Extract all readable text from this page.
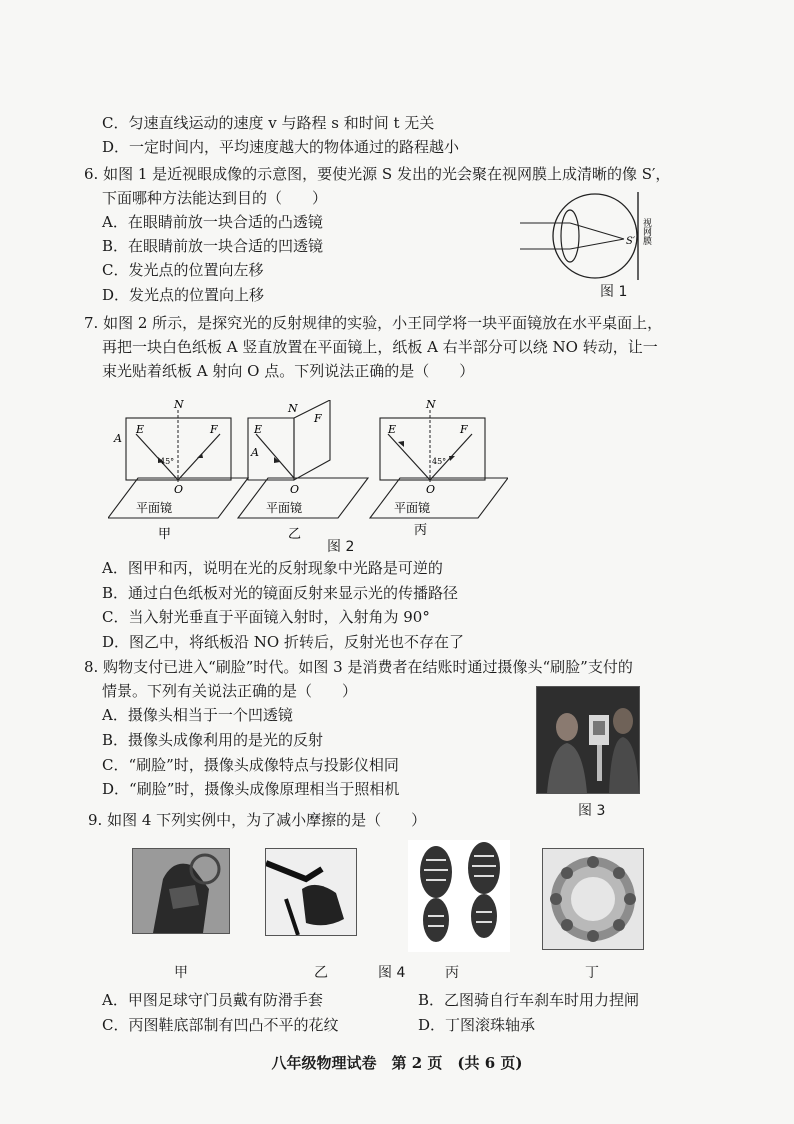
C．匀速直线运动的速度 v 与路程 s 和时间 t 无关
D．一定时间内，平均速度越大的物体通过的路程越小
6. 如图 1 是近视眼成像的示意图，要使光源 S 发出的光会聚在视网膜上成清晰的像 S′，
下面哪种方法能达到目的（　　）
A．在眼睛前放一块合适的凸透镜
B．在眼睛前放一块合适的凹透镜
C．发光点的位置向左移
D．发光点的位置向上移
S′ 视网膜
图 1
7. 如图 2 所示，是探究光的反射规律的实验，小王同学将一块平面镜放在水平桌面上，
再把一块白色纸板 A 竖直放置在平面镜上，纸板 A 右半部分可以绕 NO 转动，让一
束光贴着纸板 A 射向 O 点。下列说法正确的是（　　）
N
E	F
O
A
45°
平面镜
N
E
F
O
A
平面镜
N
E	F
O
45°
平面镜
甲	乙	丙
图 2
A．图甲和丙，说明在光的反射现象中光路是可逆的
B．通过白色纸板对光的镜面反射来显示光的传播路径
C．当入射光垂直于平面镜入射时，入射角为 90°
D．图乙中，将纸板沿 NO 折转后，反射光也不存在了
8. 购物支付已进入“刷脸”时代。如图 3 是消费者在结账时通过摄像头“刷脸”支付的
情景。下列有关说法正确的是（　　）
A．摄像头相当于一个凹透镜
B．摄像头成像利用的是光的反射
C．“刷脸”时，摄像头成像特点与投影仪相同
D．“刷脸”时，摄像头成像原理相当于照相机
图 3
9. 如图 4 下列实例中，为了减小摩擦的是（　　）
甲	乙	图 4	丙	丁
A．甲图足球守门员戴有防滑手套	B．乙图骑自行车刹车时用力捏闸
C．丙图鞋底部制有凹凸不平的花纹	D．丁图滚珠轴承
八年级物理试卷　第 2 页　(共 6 页)
